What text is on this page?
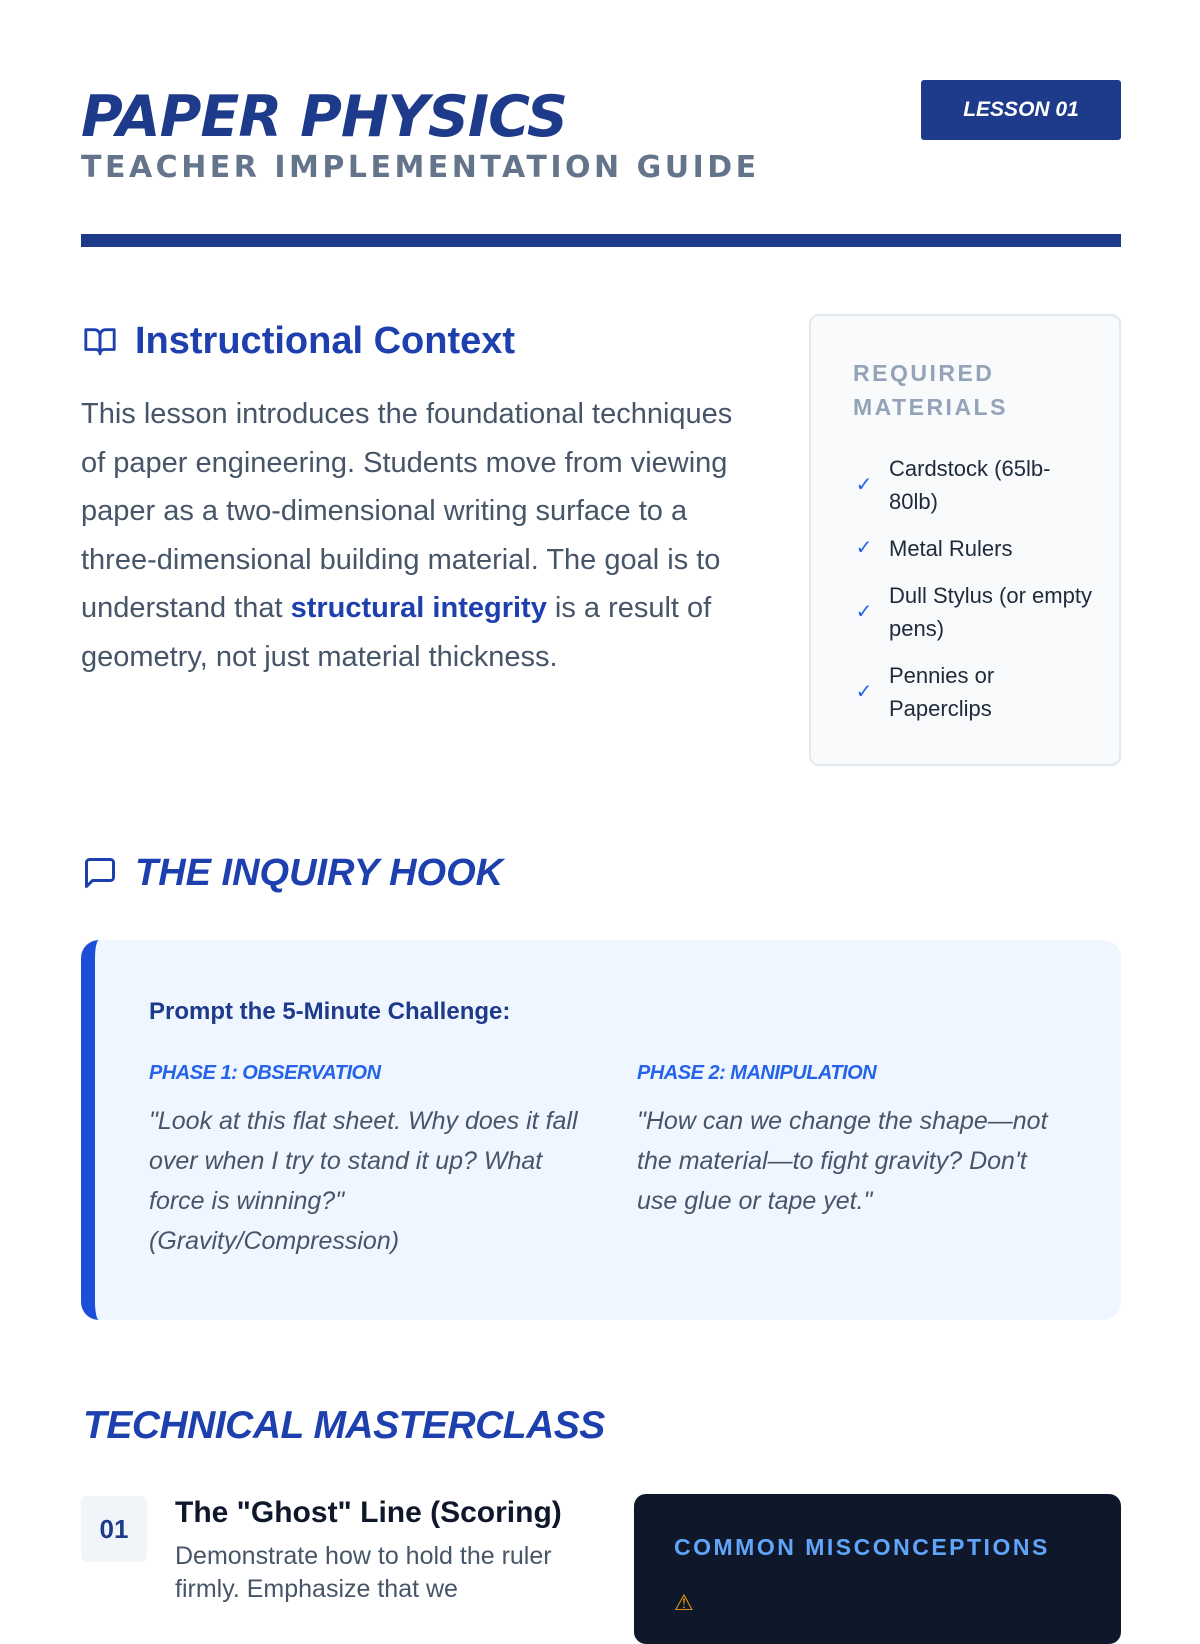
PAPER PHYSICS
TEACHER IMPLEMENTATION GUIDE
LESSON 01
Instructional Context

This lesson introduces the foundational techniques of paper engineering. Students move from viewing paper as a two-dimensional writing surface to a three-dimensional building material. The goal is to understand that structural integrity is a result of geometry, not just material thickness.

REQUIRED MATERIALS
✓
Cardstock (65lb-80lb)
✓ Metal Rulers
✓
Dull Stylus (or empty pens)
✓
Pennies or Paperclips
THE INQUIRY HOOK
Prompt the 5-Minute Challenge:
PHASE 1: OBSERVATION
"Look at this flat sheet. Why does it fall over when I try to stand it up? What force is winning?" (Gravity/Compression)
PHASE 2: MANIPULATION
"How can we change the shape—not the material—to fight gravity? Don't use glue or tape yet."
TECHNICAL MASTERCLASS
01	The "Ghost" Line (Scoring)
Demonstrate how to hold the ruler firmly. Emphasize that we
COMMON MISCONCEPTIONS
⚠
